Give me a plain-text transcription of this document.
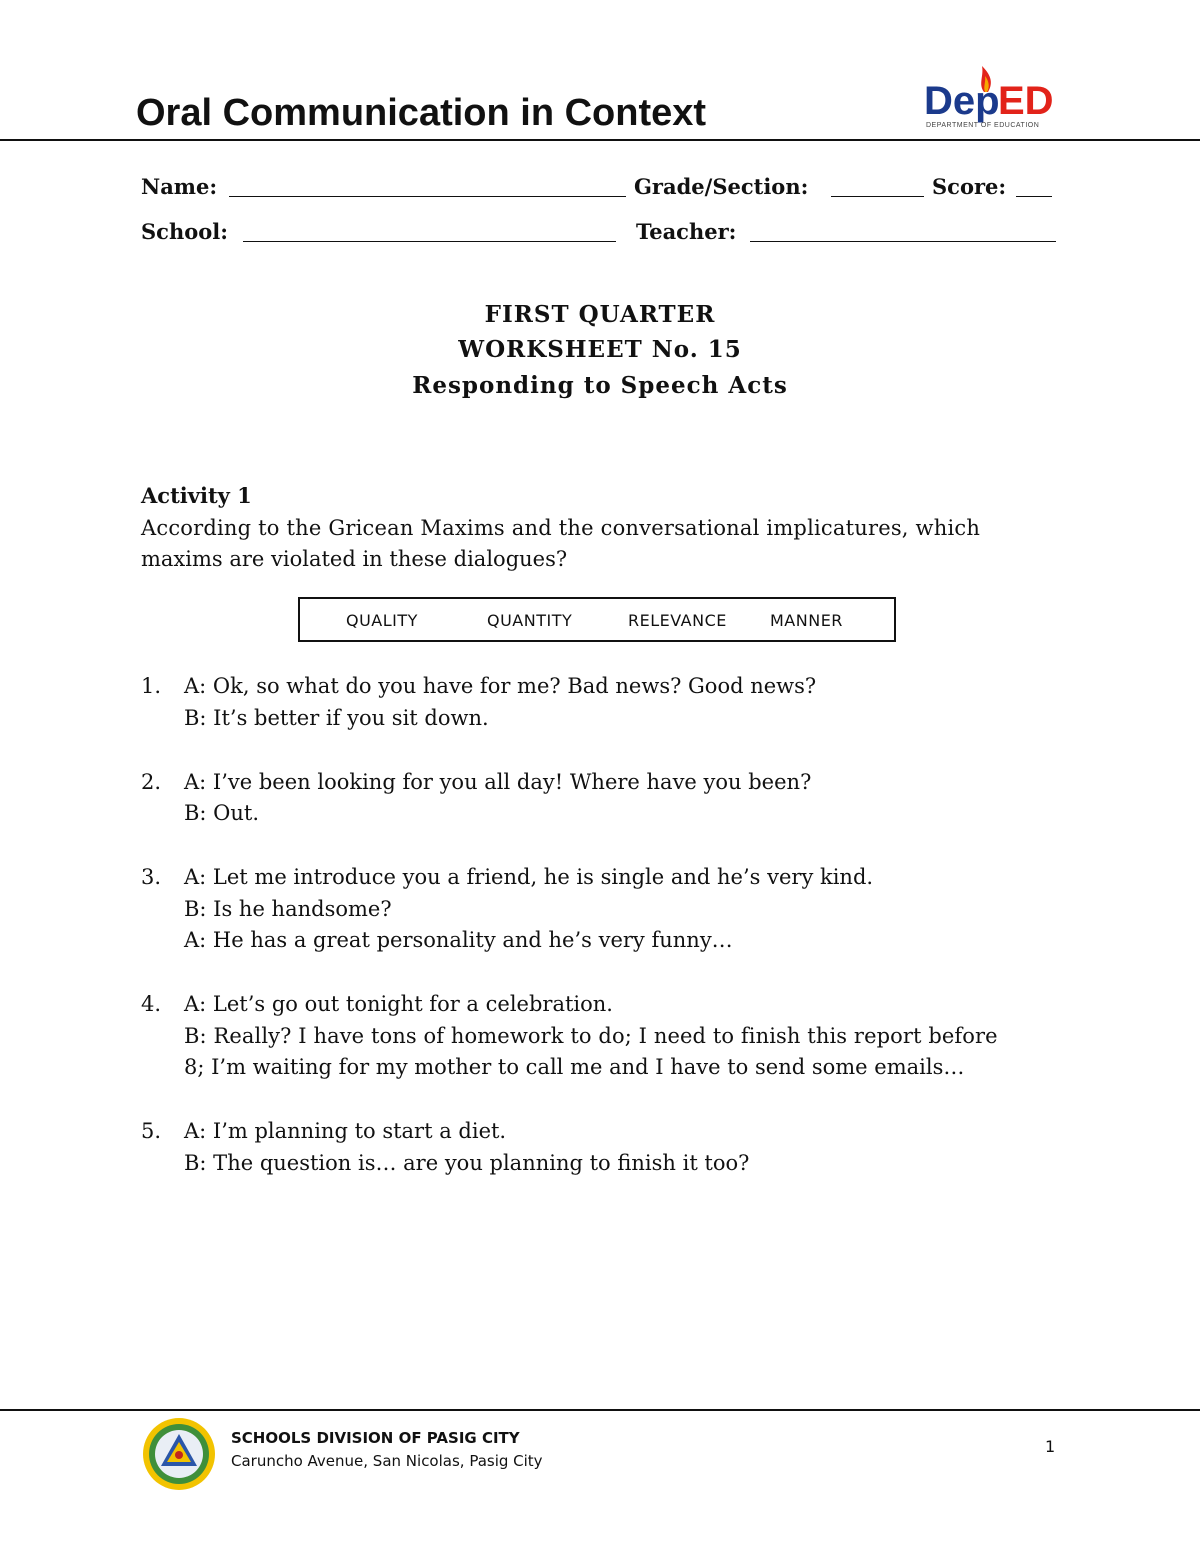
Oral Communication in Context	Dep
ED
DEPARTMENT OF EDUCATION
Name:	Grade/Section:	Score:
School:	Teacher:
FIRST QUARTER
WORKSHEET No. 15
Responding to Speech Acts
Activity 1
According to the Gricean Maxims and the conversational implicatures, which
maxims are violated in these dialogues?
QUALITY	QUANTITY	RELEVANCE	MANNER
1. A: Ok, so what do you have for me? Bad news? Good news?
B: It’s better if you sit down.
2. A: I’ve been looking for you all day! Where have you been?
B: Out.
3. A: Let me introduce you a friend, he is single and he’s very kind.
B: Is he handsome?
A: He has a great personality and he’s very funny…
4. A: Let’s go out tonight for a celebration.
B: Really? I have tons of homework to do; I need to finish this report before
8; I’m waiting for my mother to call me and I have to send some emails…
5. A: I’m planning to start a diet.
B: The question is… are you planning to finish it too?
SCHOOLS DIVISION OF PASIG CITY
Caruncho Avenue, San Nicolas, Pasig City
1
